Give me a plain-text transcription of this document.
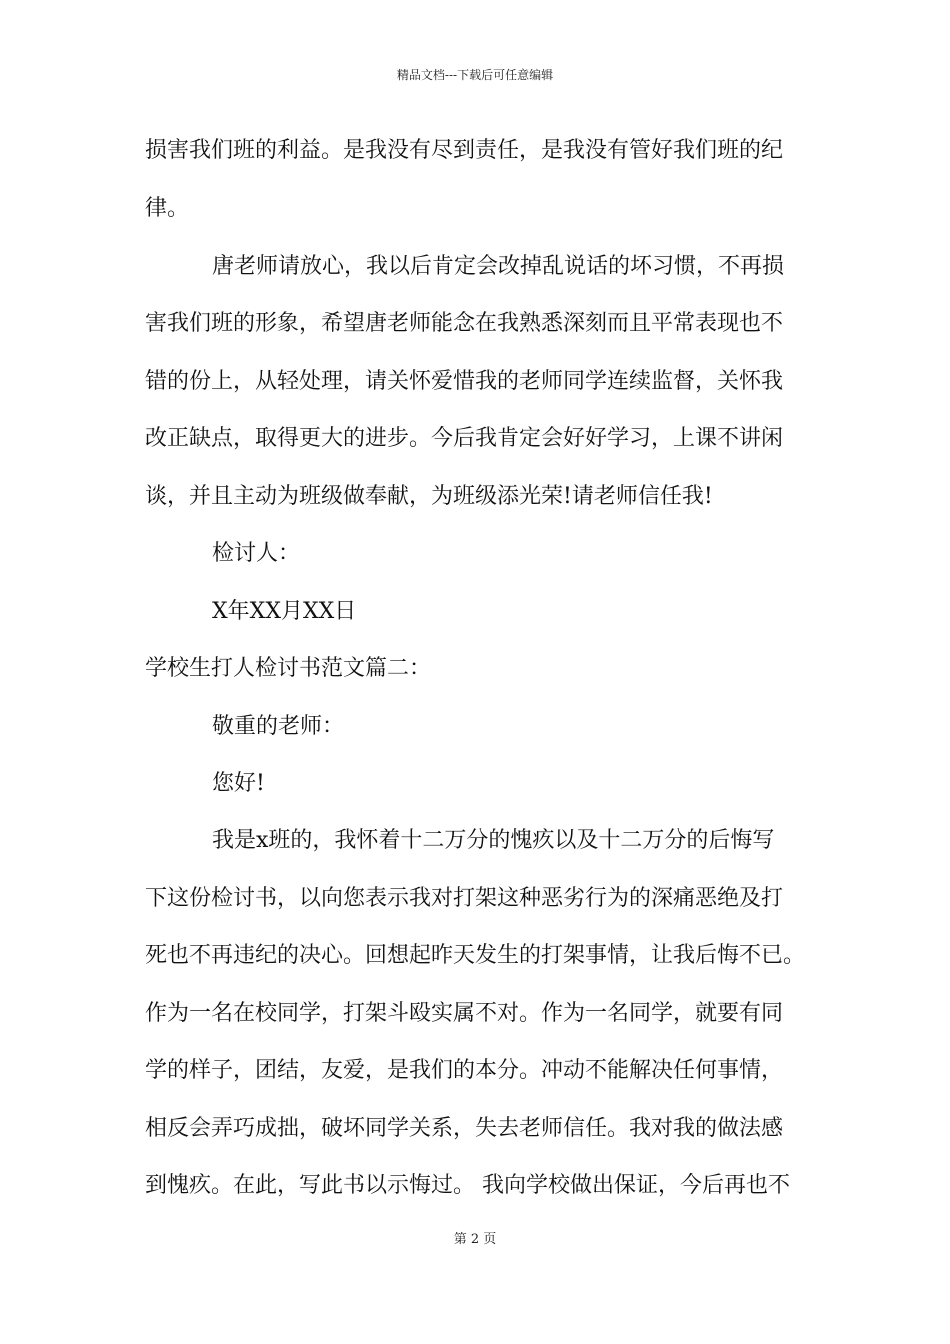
精品文档---下载后可任意编辑
损害我们班的利益。是我没有尽到责任，是我没有管好我们班的纪
律。
唐老师请放心，我以后肯定会改掉乱说话的坏习惯，不再损
害我们班的形象，希望唐老师能念在我熟悉深刻而且平常表现也不
错的份上，从轻处理，请关怀爱惜我的老师同学连续监督，关怀我
改正缺点，取得更大的进步。今后我肯定会好好学习，上课不讲闲
谈，并且主动为班级做奉献，为班级添光荣!请老师信任我!
检讨人：
X年XX月XX日
学校生打人检讨书范文篇二：
敬重的老师：
您好!
我是x班的，我怀着十二万分的愧疚以及十二万分的后悔写
下这份检讨书，以向您表示我对打架这种恶劣行为的深痛恶绝及打
死也不再违纪的决心。回想起昨天发生的打架事情，让我后悔不已。
作为一名在校同学，打架斗殴实属不对。作为一名同学，就要有同
学的样子，团结，友爱，是我们的本分。冲动不能解决任何事情，
相反会弄巧成拙，破坏同学关系，失去老师信任。我对我的做法感
到愧疚。在此，写此书以示悔过。 我向学校做出保证，今后再也不
第 2 页
